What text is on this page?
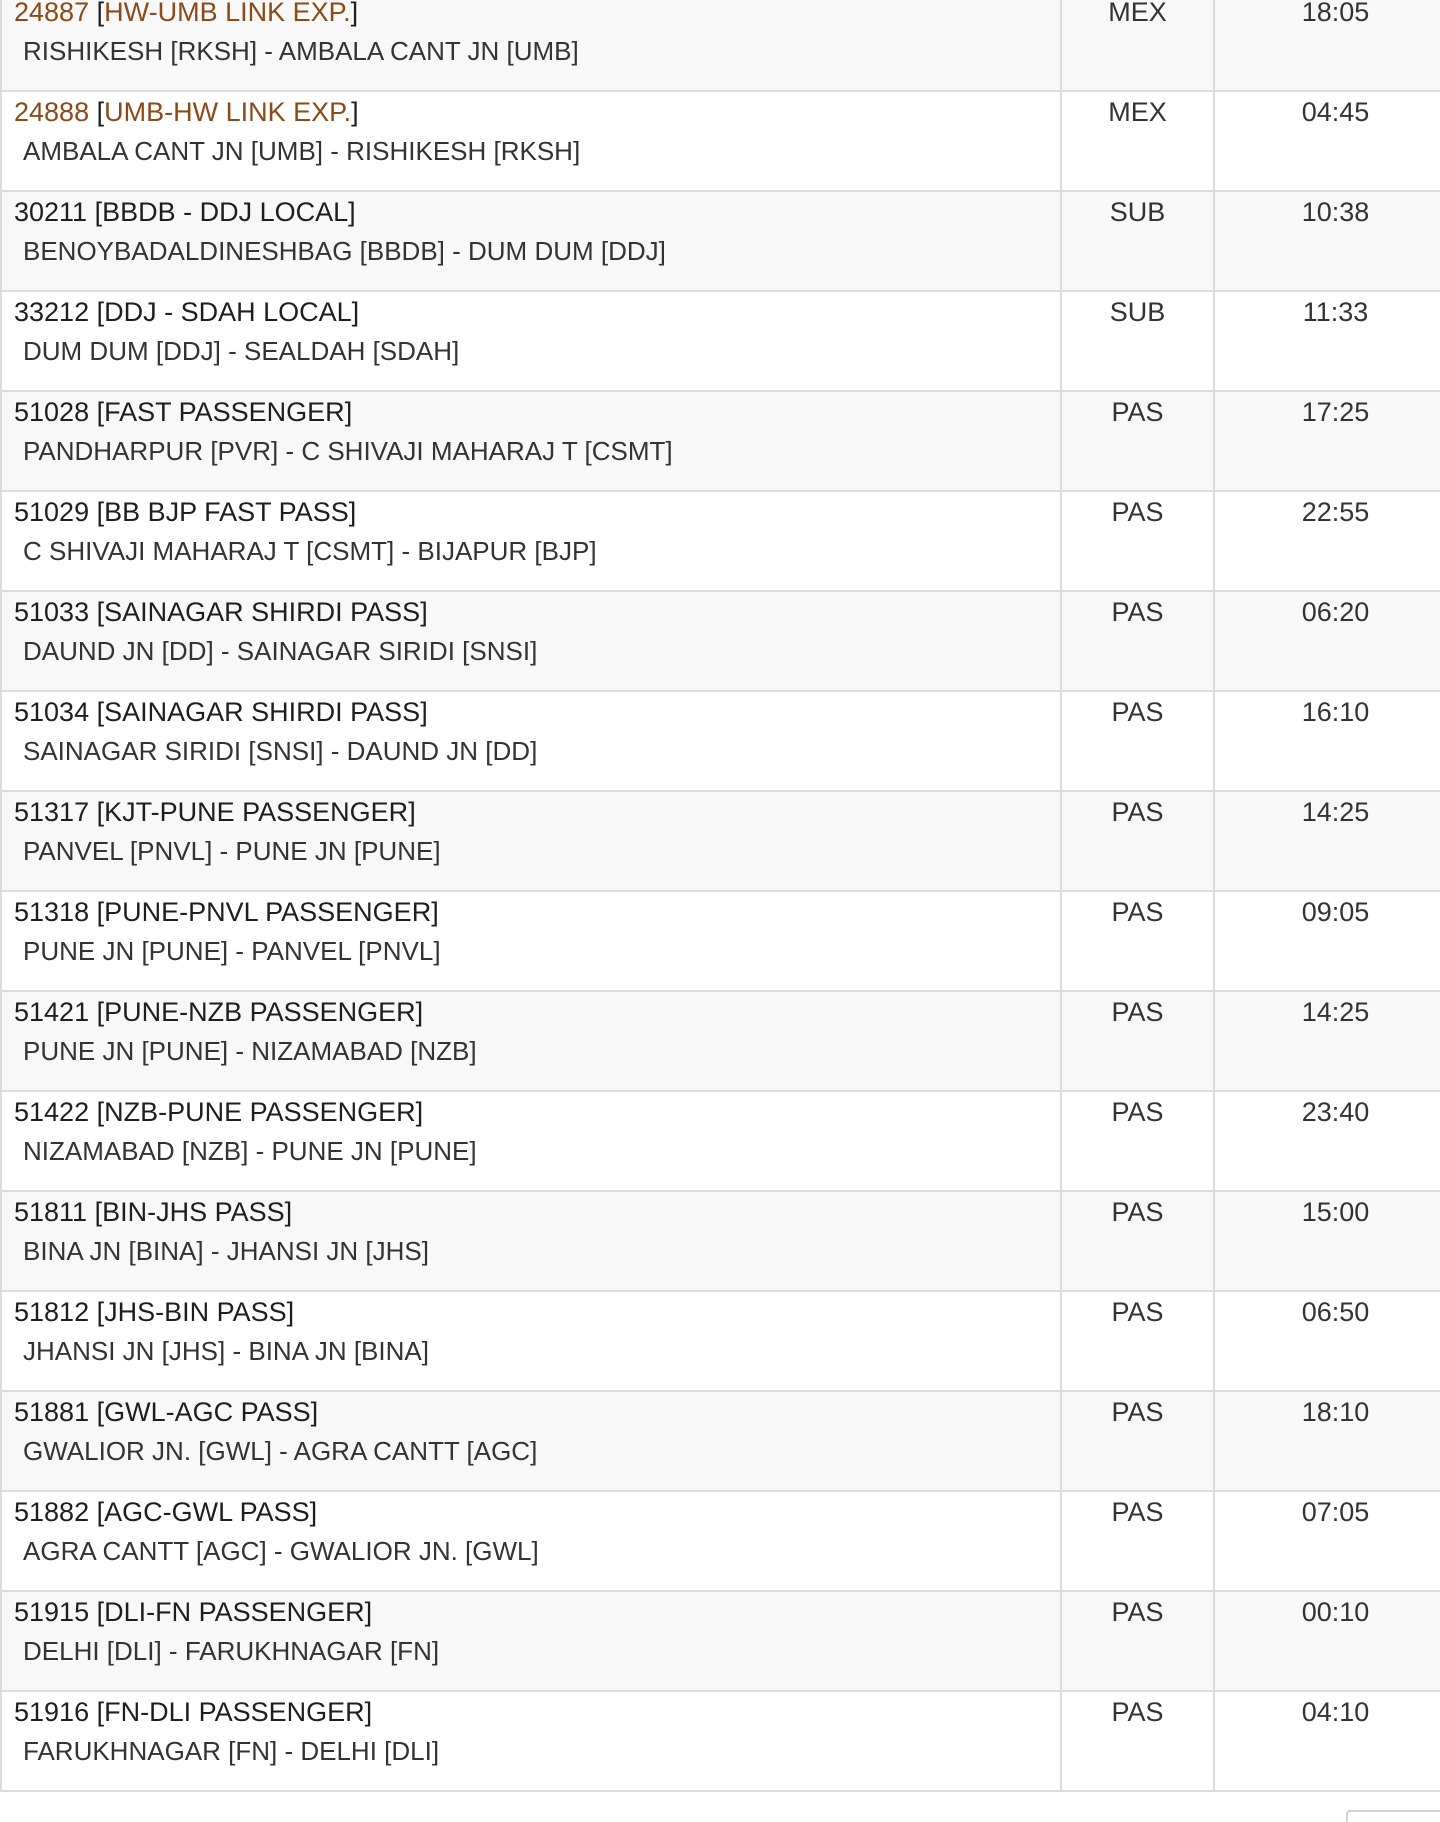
24887 [HW-UMB LINK EXP.]
RISHIKESH [RKSH] - AMBALA CANT JN [UMB]	MEX	18:05

24888 [UMB-HW LINK EXP.]
AMBALA CANT JN [UMB] - RISHIKESH [RKSH]	MEX	04:45

30211 [BBDB - DDJ LOCAL]
BENOYBADALDINESHBAG [BBDB] - DUM DUM [DDJ]	SUB	10:38

33212 [DDJ - SDAH LOCAL]
DUM DUM [DDJ] - SEALDAH [SDAH]	SUB	11:33

51028 [FAST PASSENGER]
PANDHARPUR [PVR] - C SHIVAJI MAHARAJ T [CSMT]	PAS	17:25

51029 [BB BJP FAST PASS]
C SHIVAJI MAHARAJ T [CSMT] - BIJAPUR [BJP]	PAS	22:55

51033 [SAINAGAR SHIRDI PASS]
DAUND JN [DD] - SAINAGAR SIRIDI [SNSI]	PAS	06:20

51034 [SAINAGAR SHIRDI PASS]
SAINAGAR SIRIDI [SNSI] - DAUND JN [DD]	PAS	16:10

51317 [KJT-PUNE PASSENGER]
PANVEL [PNVL] - PUNE JN [PUNE]	PAS	14:25

51318 [PUNE-PNVL PASSENGER]
PUNE JN [PUNE] - PANVEL [PNVL]	PAS	09:05

51421 [PUNE-NZB PASSENGER]
PUNE JN [PUNE] - NIZAMABAD [NZB]	PAS	14:25

51422 [NZB-PUNE PASSENGER]
NIZAMABAD [NZB] - PUNE JN [PUNE]	PAS	23:40

51811 [BIN-JHS PASS]
BINA JN [BINA] - JHANSI JN [JHS]	PAS	15:00

51812 [JHS-BIN PASS]
JHANSI JN [JHS] - BINA JN [BINA]	PAS	06:50

51881 [GWL-AGC PASS]
GWALIOR JN. [GWL] - AGRA CANTT [AGC]	PAS	18:10

51882 [AGC-GWL PASS]
AGRA CANTT [AGC] - GWALIOR JN. [GWL]	PAS	07:05

51915 [DLI-FN PASSENGER]
DELHI [DLI] - FARUKHNAGAR [FN]	PAS	00:10

51916 [FN-DLI PASSENGER]
FARUKHNAGAR [FN] - DELHI [DLI]	PAS	04:10
